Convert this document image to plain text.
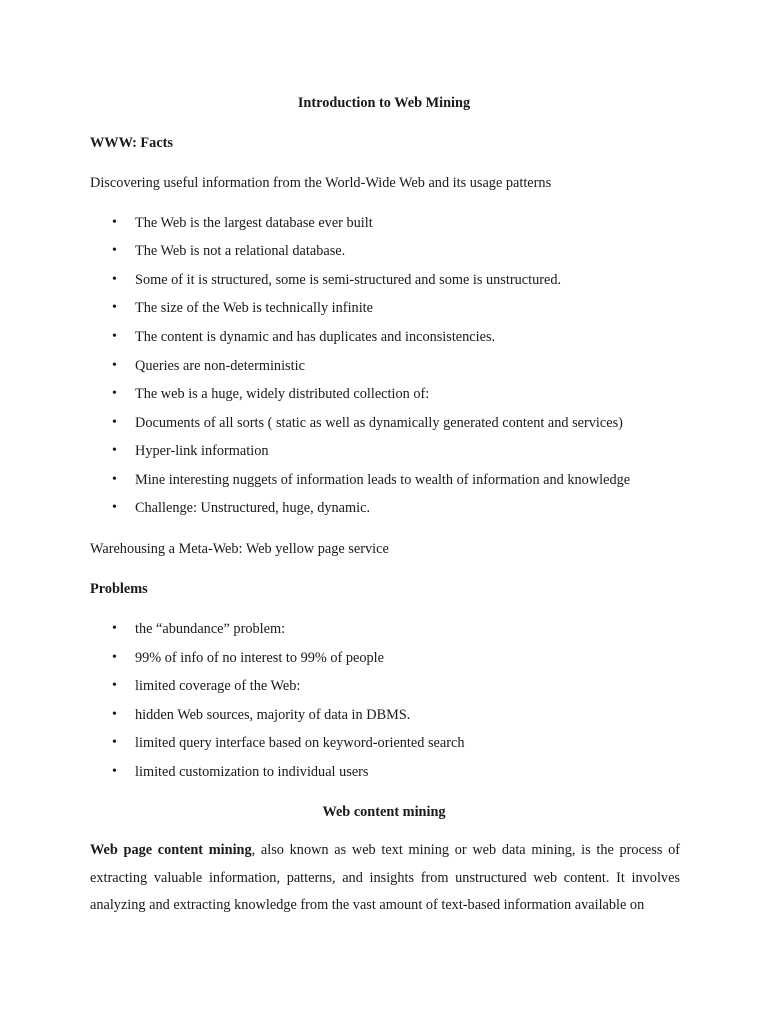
Introduction to Web Mining
WWW: Facts
Discovering useful information from the World-Wide Web and its usage patterns
• The Web is the largest database ever built
• The Web is not a relational database.
• Some of it is structured, some is semi-structured and some is unstructured.
• The size of the Web is technically infinite
• The content is dynamic and has duplicates and inconsistencies.
• Queries are non-deterministic
• The web is a huge, widely distributed collection of:
• Documents of all sorts ( static as well as dynamically generated content and services)
• Hyper-link information
• Mine interesting nuggets of information leads to wealth of information and knowledge
• Challenge: Unstructured, huge, dynamic.
Warehousing a Meta-Web: Web yellow page service
Problems
• the “abundance” problem:
• 99% of info of no interest to 99% of people
• limited coverage of the Web:
• hidden Web sources, majority of data in DBMS.
• limited query interface based on keyword-oriented search
• limited customization to individual users
Web content mining
Web page content mining, also known as web text mining or web data mining, is the process of extracting valuable information, patterns, and insights from unstructured web content. It involves analyzing and extracting knowledge from the vast amount of text-based information available on
